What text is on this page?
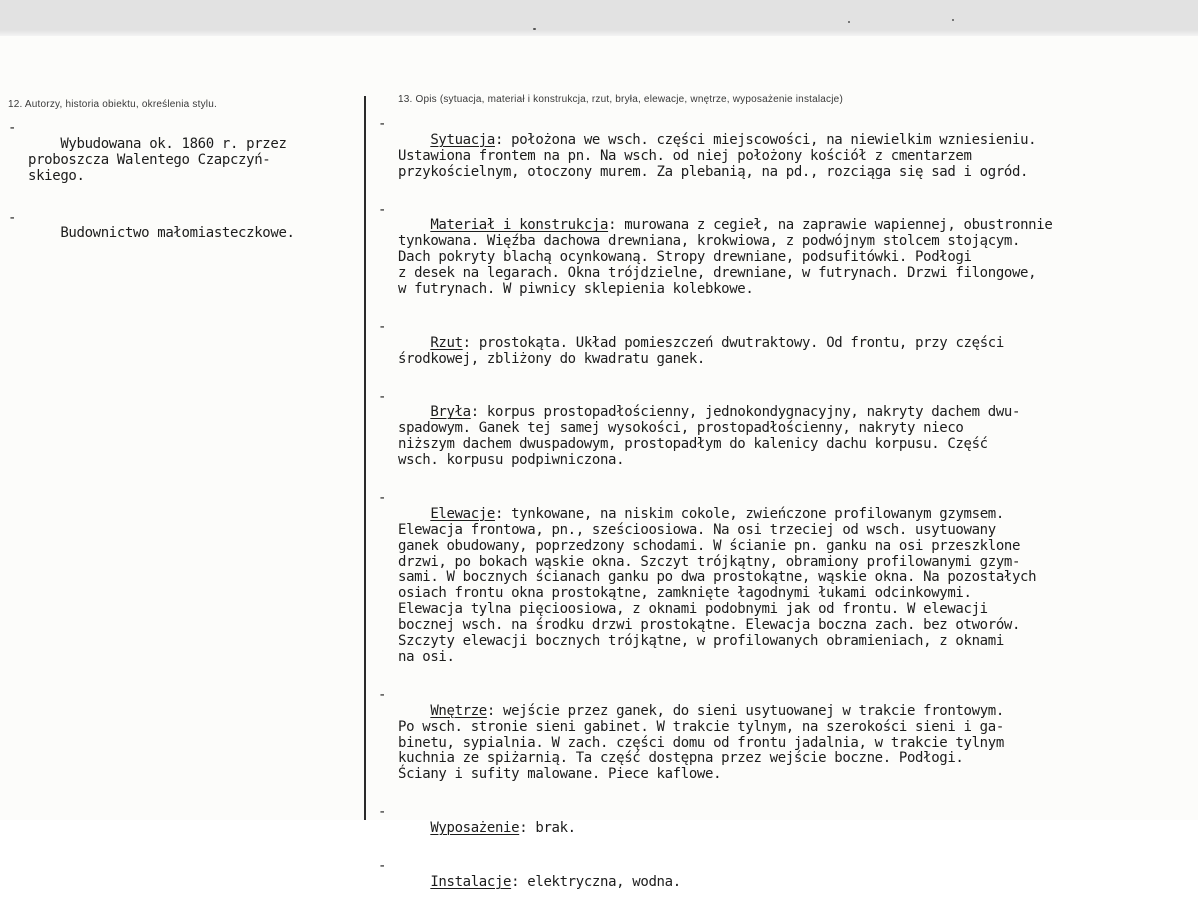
12. Autorzy, historia obiektu, określenia stylu.	13. Opis (sytuacja, materiał i konstrukcja, rzut, bryła, elewacje, wnętrze, wyposażenie instalacje)

-
Wybudowana ok. 1860 r. przez
proboszcza Walentego Czapczyń-
skiego.

-
Budownictwo małomiasteczkowe.

-
Sytuacja: położona we wsch. części miejscowości, na niewielkim wzniesieniu.
Ustawiona frontem na pn. Na wsch. od niej położony kościół z cmentarzem
przykościelnym, otoczony murem. Za plebanią, na pd., rozciąga się sad i ogród.

-
Materiał i konstrukcja: murowana z cegieł, na zaprawie wapiennej, obustronnie
tynkowana. Więźba dachowa drewniana, krokwiowa, z podwójnym stolcem stojącym.
Dach pokryty blachą ocynkowaną. Stropy drewniane, podsufitówki. Podłogi
z desek na legarach. Okna trójdzielne, drewniane, w futrynach. Drzwi filongowe,
w futrynach. W piwnicy sklepienia kolebkowe.

-
Rzut: prostokąta. Układ pomieszczeń dwutraktowy. Od frontu, przy części
środkowej, zbliżony do kwadratu ganek.

-
Bryła: korpus prostopadłościenny, jednokondygnacyjny, nakryty dachem dwu-
spadowym. Ganek tej samej wysokości, prostopadłościenny, nakryty nieco
niższym dachem dwuspadowym, prostopadłym do kalenicy dachu korpusu. Część
wsch. korpusu podpiwniczona.

-
Elewacje: tynkowane, na niskim cokole, zwieńczone profilowanym gzymsem.
Elewacja frontowa, pn., sześcioosiowa. Na osi trzeciej od wsch. usytuowany
ganek obudowany, poprzedzony schodami. W ścianie pn. ganku na osi przeszklone
drzwi, po bokach wąskie okna. Szczyt trójkątny, obramiony profilowanymi gzym-
sami. W bocznych ścianach ganku po dwa prostokątne, wąskie okna. Na pozostałych
osiach frontu okna prostokątne, zamknięte łagodnymi łukami odcinkowymi.
Elewacja tylna pięcioosiowa, z oknami podobnymi jak od frontu. W elewacji
bocznej wsch. na środku drzwi prostokątne. Elewacja boczna zach. bez otworów.
Szczyty elewacji bocznych trójkątne, w profilowanych obramieniach, z oknami
na osi.

-
Wnętrze: wejście przez ganek, do sieni usytuowanej w trakcie frontowym.
Po wsch. stronie sieni gabinet. W trakcie tylnym, na szerokości sieni i ga-
binetu, sypialnia. W zach. części domu od frontu jadalnia, w trakcie tylnym
kuchnia ze spiżarnią. Ta część dostępna przez wejście boczne. Podłogi.
Ściany i sufity malowane. Piece kaflowe.

-
Wyposażenie: brak.

-
Instalacje: elektryczna, wodna.
